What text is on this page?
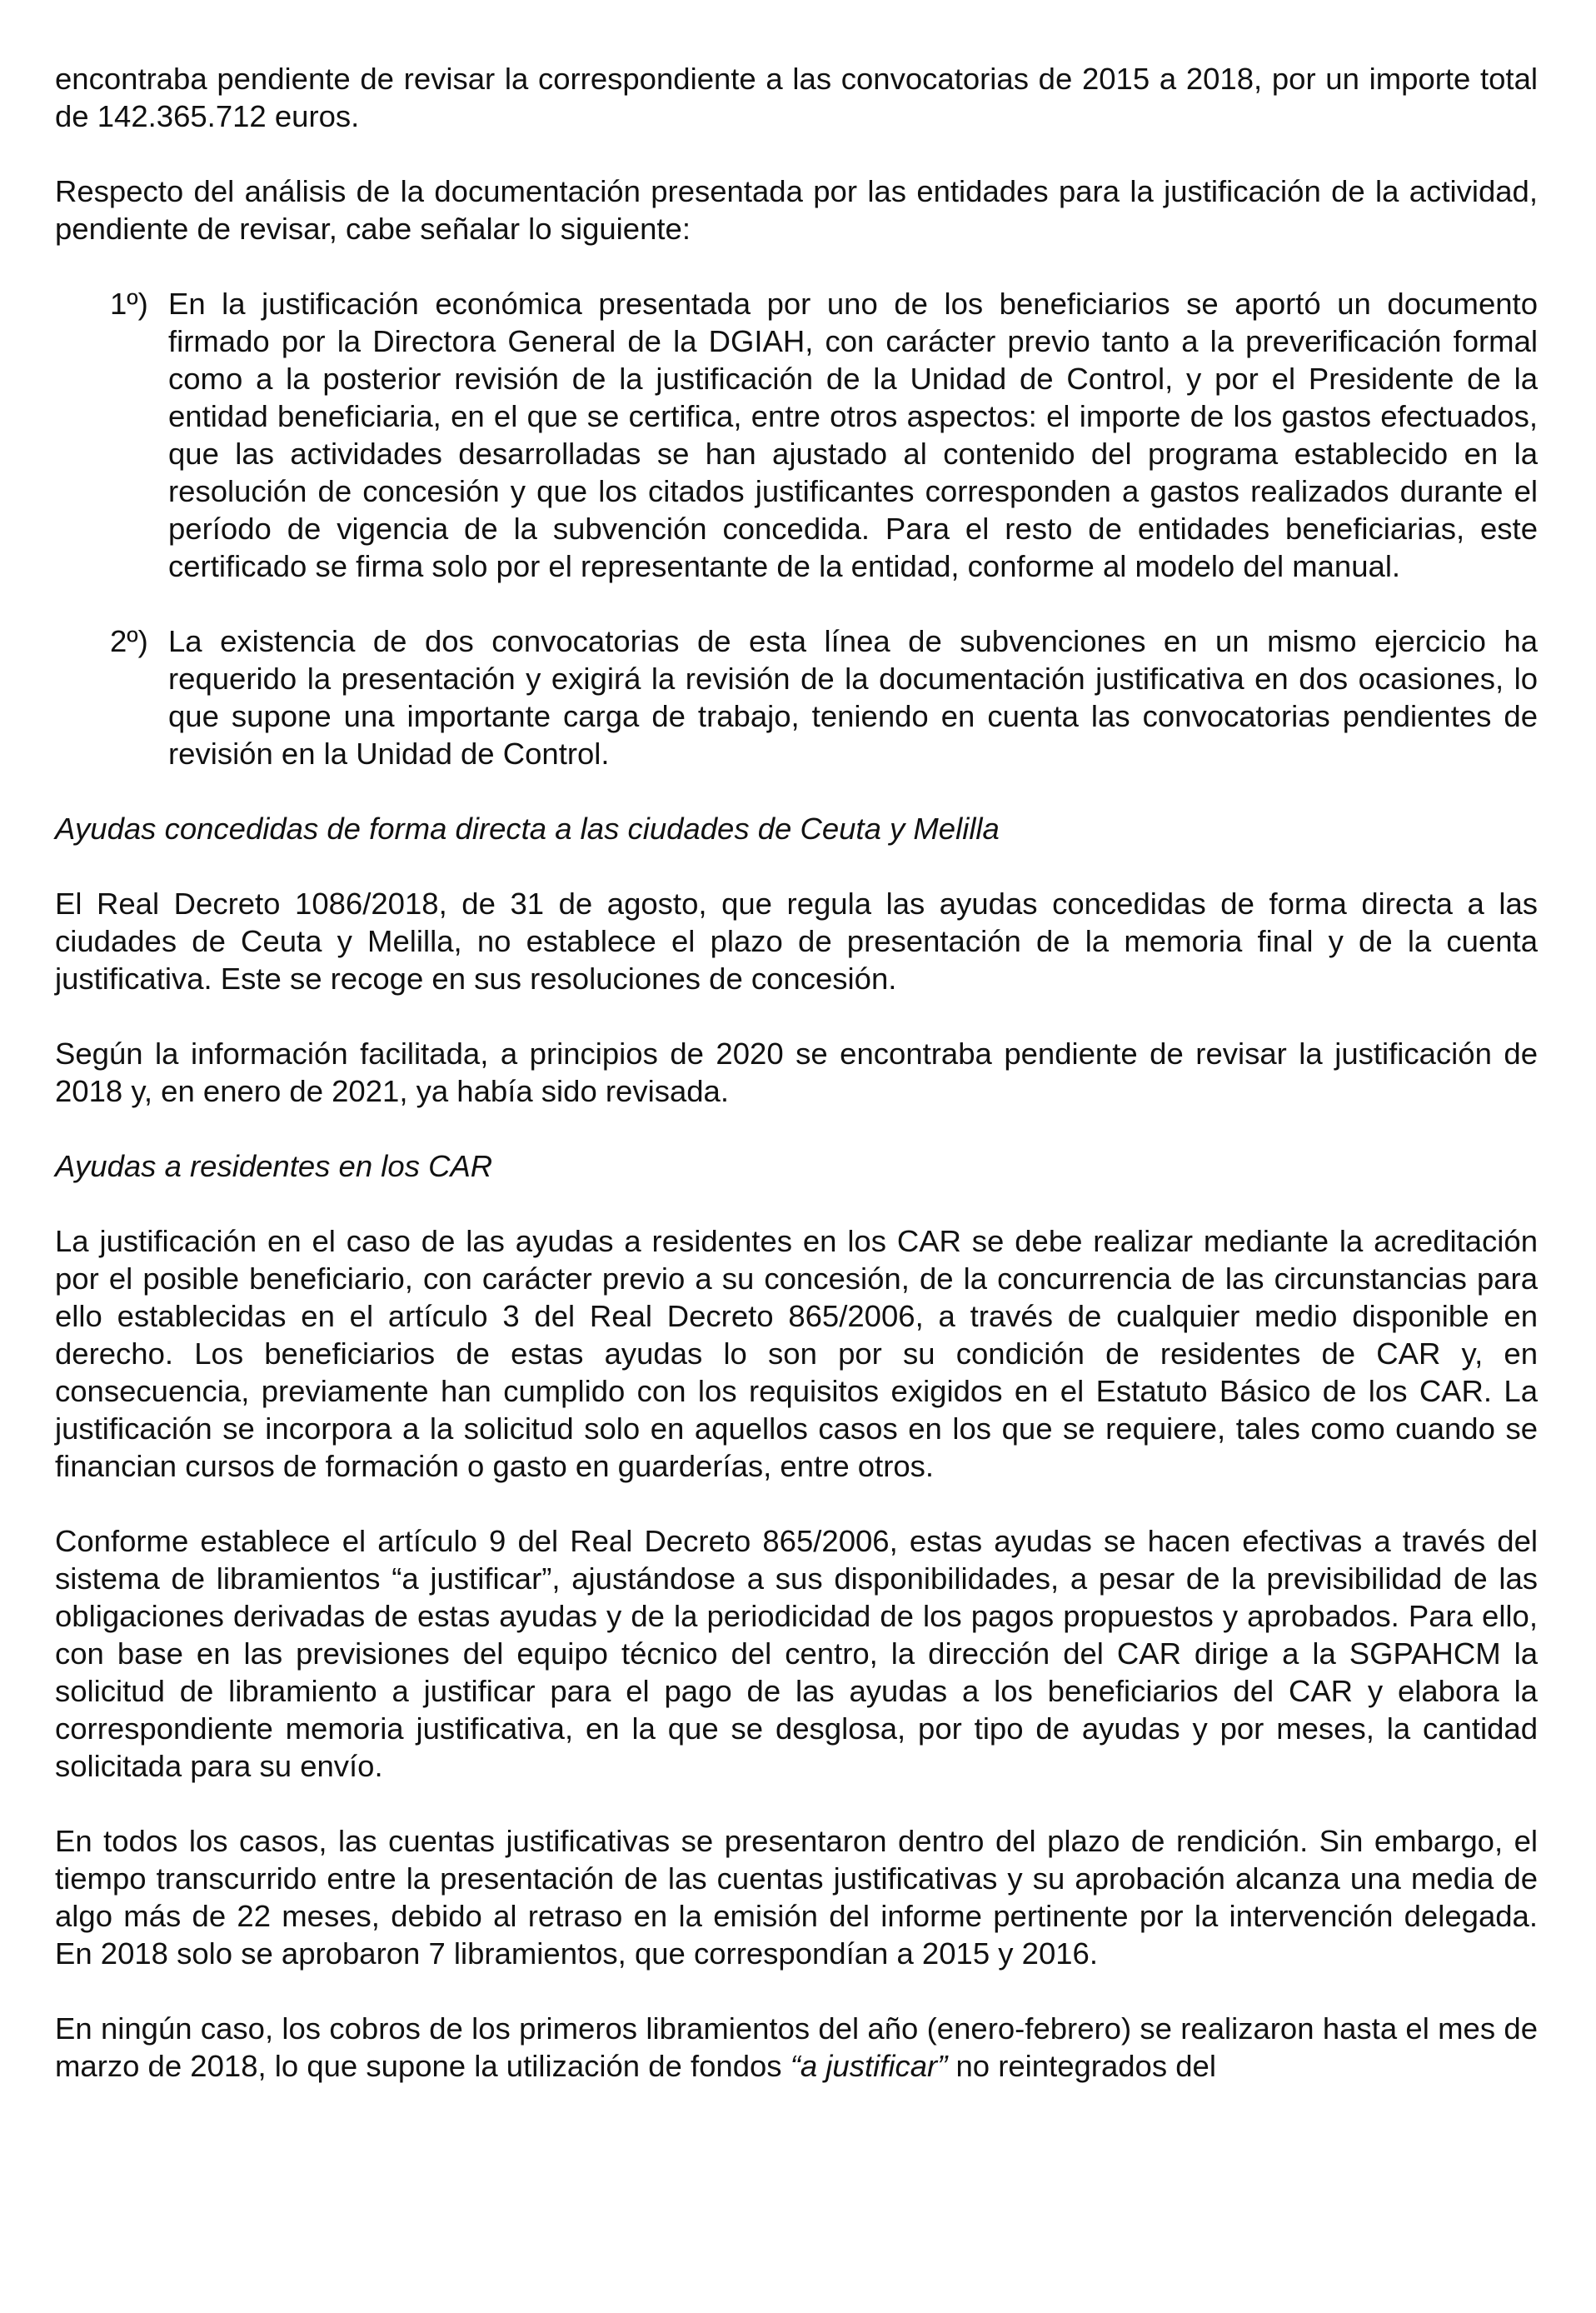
encontraba pendiente de revisar la correspondiente a las convocatorias de 2015 a 2018, por un importe total de 142.365.712 euros.

Respecto del análisis de la documentación presentada por las entidades para la justificación de la actividad, pendiente de revisar, cabe señalar lo siguiente:

1º) En la justificación económica presentada por uno de los beneficiarios se aportó un documento firmado por la Directora General de la DGIAH, con carácter previo tanto a la preverificación formal como a la posterior revisión de la justificación de la Unidad de Control, y por el Presidente de la entidad beneficiaria, en el que se certifica, entre otros aspectos: el importe de los gastos efectuados, que las actividades desarrolladas se han ajustado al contenido del programa establecido en la resolución de concesión y que los citados justificantes corresponden a gastos realizados durante el período de vigencia de la subvención concedida. Para el resto de entidades beneficiarias, este certificado se firma solo por el representante de la entidad, conforme al modelo del manual.
2º) La existencia de dos convocatorias de esta línea de subvenciones en un mismo ejercicio ha requerido la presentación y exigirá la revisión de la documentación justificativa en dos ocasiones, lo que supone una importante carga de trabajo, teniendo en cuenta las convocatorias pendientes de revisión en la Unidad de Control.

Ayudas concedidas de forma directa a las ciudades de Ceuta y Melilla

El Real Decreto 1086/2018, de 31 de agosto, que regula las ayudas concedidas de forma directa a las ciudades de Ceuta y Melilla, no establece el plazo de presentación de la memoria final y de la cuenta justificativa. Este se recoge en sus resoluciones de concesión.

Según la información facilitada, a principios de 2020 se encontraba pendiente de revisar la justificación de 2018 y, en enero de 2021, ya había sido revisada.

Ayudas a residentes en los CAR

La justificación en el caso de las ayudas a residentes en los CAR se debe realizar mediante la acreditación por el posible beneficiario, con carácter previo a su concesión, de la concurrencia de las circunstancias para ello establecidas en el artículo 3 del Real Decreto 865/2006, a través de cualquier medio disponible en derecho. Los beneficiarios de estas ayudas lo son por su condición de residentes de CAR y, en consecuencia, previamente han cumplido con los requisitos exigidos en el Estatuto Básico de los CAR. La justificación se incorpora a la solicitud solo en aquellos casos en los que se requiere, tales como cuando se financian cursos de formación o gasto en guarderías, entre otros.

Conforme establece el artículo 9 del Real Decreto 865/2006, estas ayudas se hacen efectivas a través del sistema de libramientos “a justificar”, ajustándose a sus disponibilidades, a pesar de la previsibilidad de las obligaciones derivadas de estas ayudas y de la periodicidad de los pagos propuestos y aprobados. Para ello, con base en las previsiones del equipo técnico del centro, la dirección del CAR dirige a la SGPAHCM la solicitud de libramiento a justificar para el pago de las ayudas a los beneficiarios del CAR y elabora la correspondiente memoria justificativa, en la que se desglosa, por tipo de ayudas y por meses, la cantidad solicitada para su envío.

En todos los casos, las cuentas justificativas se presentaron dentro del plazo de rendición. Sin embargo, el tiempo transcurrido entre la presentación de las cuentas justificativas y su aprobación alcanza una media de algo más de 22 meses, debido al retraso en la emisión del informe pertinente por la intervención delegada. En 2018 solo se aprobaron 7 libramientos, que correspondían a 2015 y 2016.

En ningún caso, los cobros de los primeros libramientos del año (enero-febrero) se realizaron hasta el mes de marzo de 2018, lo que supone la utilización de fondos “a justificar” no reintegrados del
